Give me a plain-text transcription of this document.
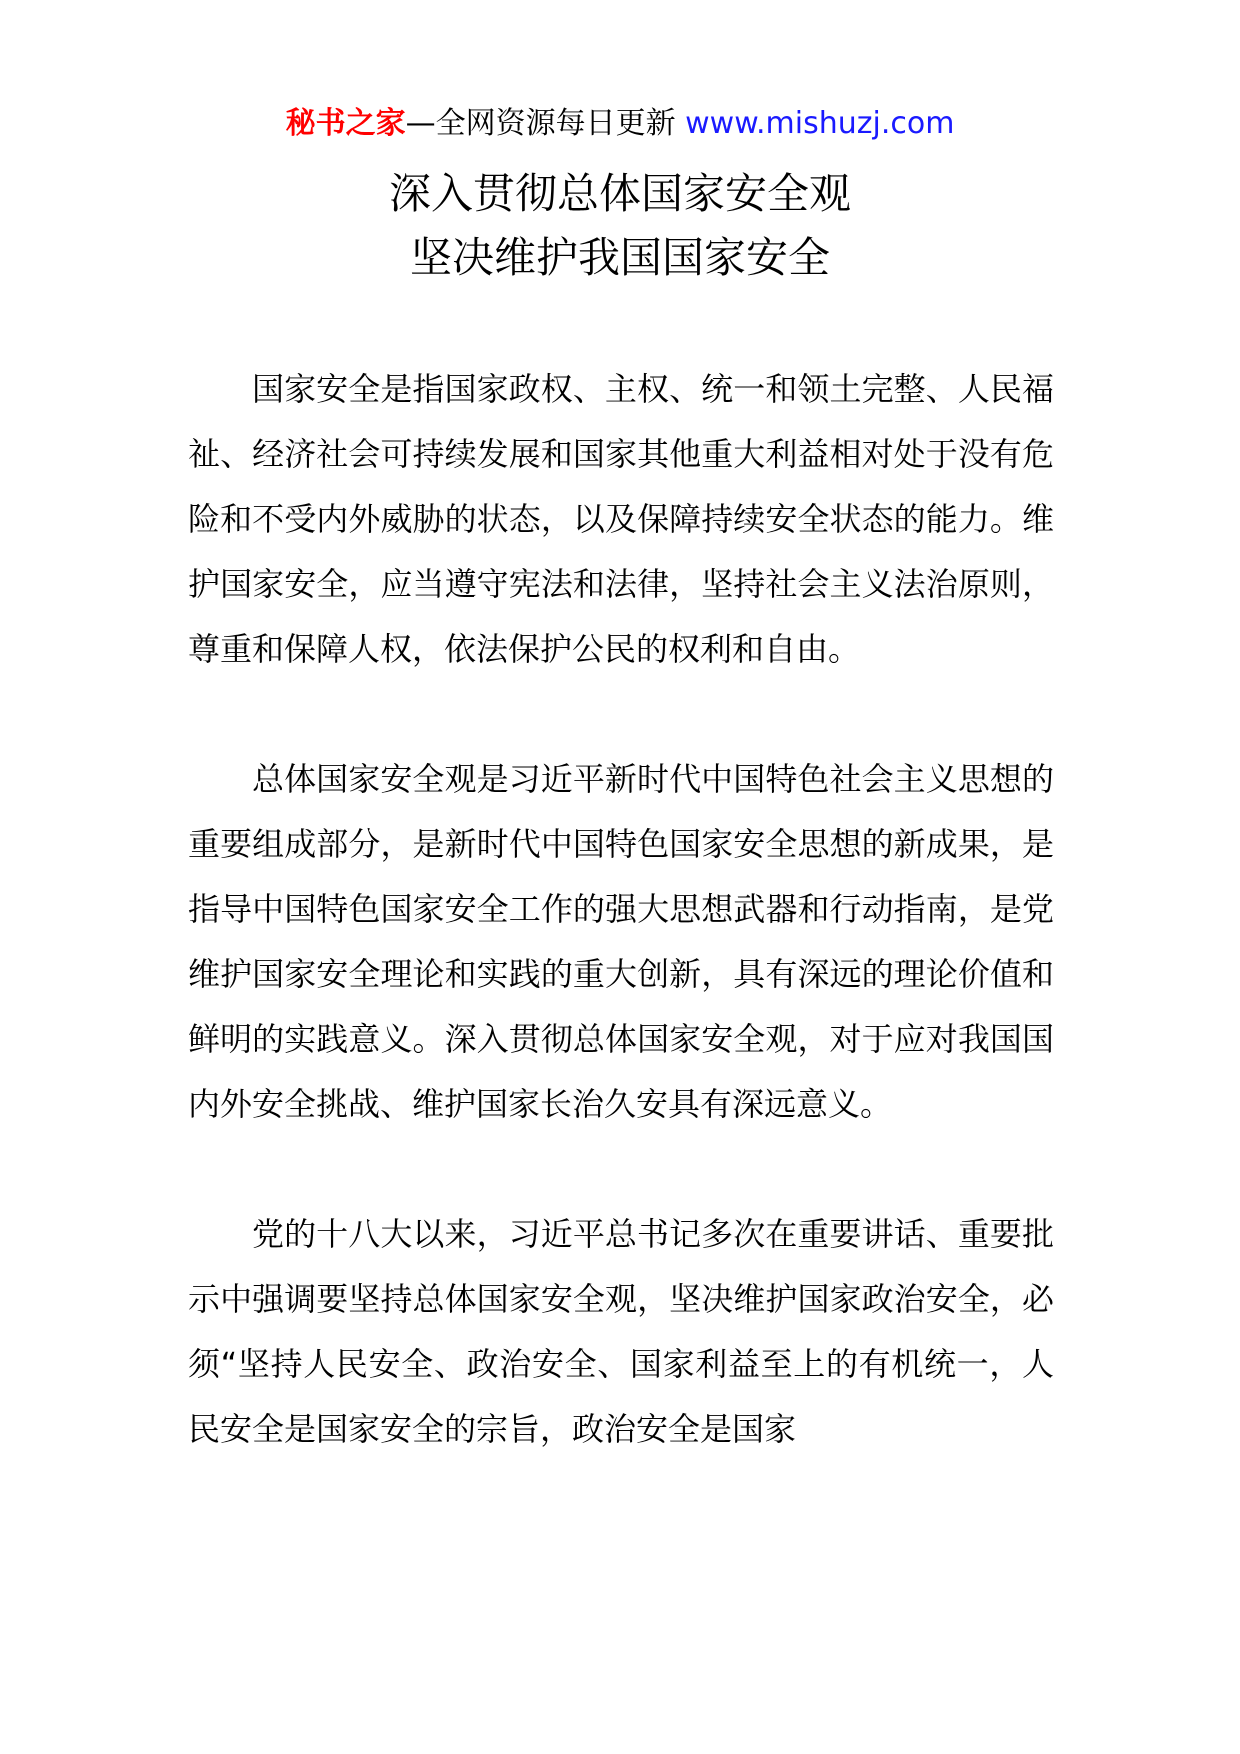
秘书之家—全网资源每日更新 www.mishuzj.com
深入贯彻总体国家安全观
坚决维护我国国家安全

国家安全是指国家政权、主权、统一和领土完整、人民福祉、经济社会可持续发展和国家其他重大利益相对处于没有危险和不受内外威胁的状态，以及保障持续安全状态的能力。维护国家安全，应当遵守宪法和法律，坚持社会主义法治原则，尊重和保障人权，依法保护公民的权利和自由。

总体国家安全观是习近平新时代中国特色社会主义思想的重要组成部分，是新时代中国特色国家安全思想的新成果，是指导中国特色国家安全工作的强大思想武器和行动指南，是党维护国家安全理论和实践的重大创新，具有深远的理论价值和鲜明的实践意义。深入贯彻总体国家安全观，对于应对我国国内外安全挑战、维护国家长治久安具有深远意义。

党的十八大以来，习近平总书记多次在重要讲话、重要批示中强调要坚持总体国家安全观，坚决维护国家政治安全，必须“坚持人民安全、政治安全、国家利益至上的有机统一，人民安全是国家安全的宗旨，政治安全是国家
